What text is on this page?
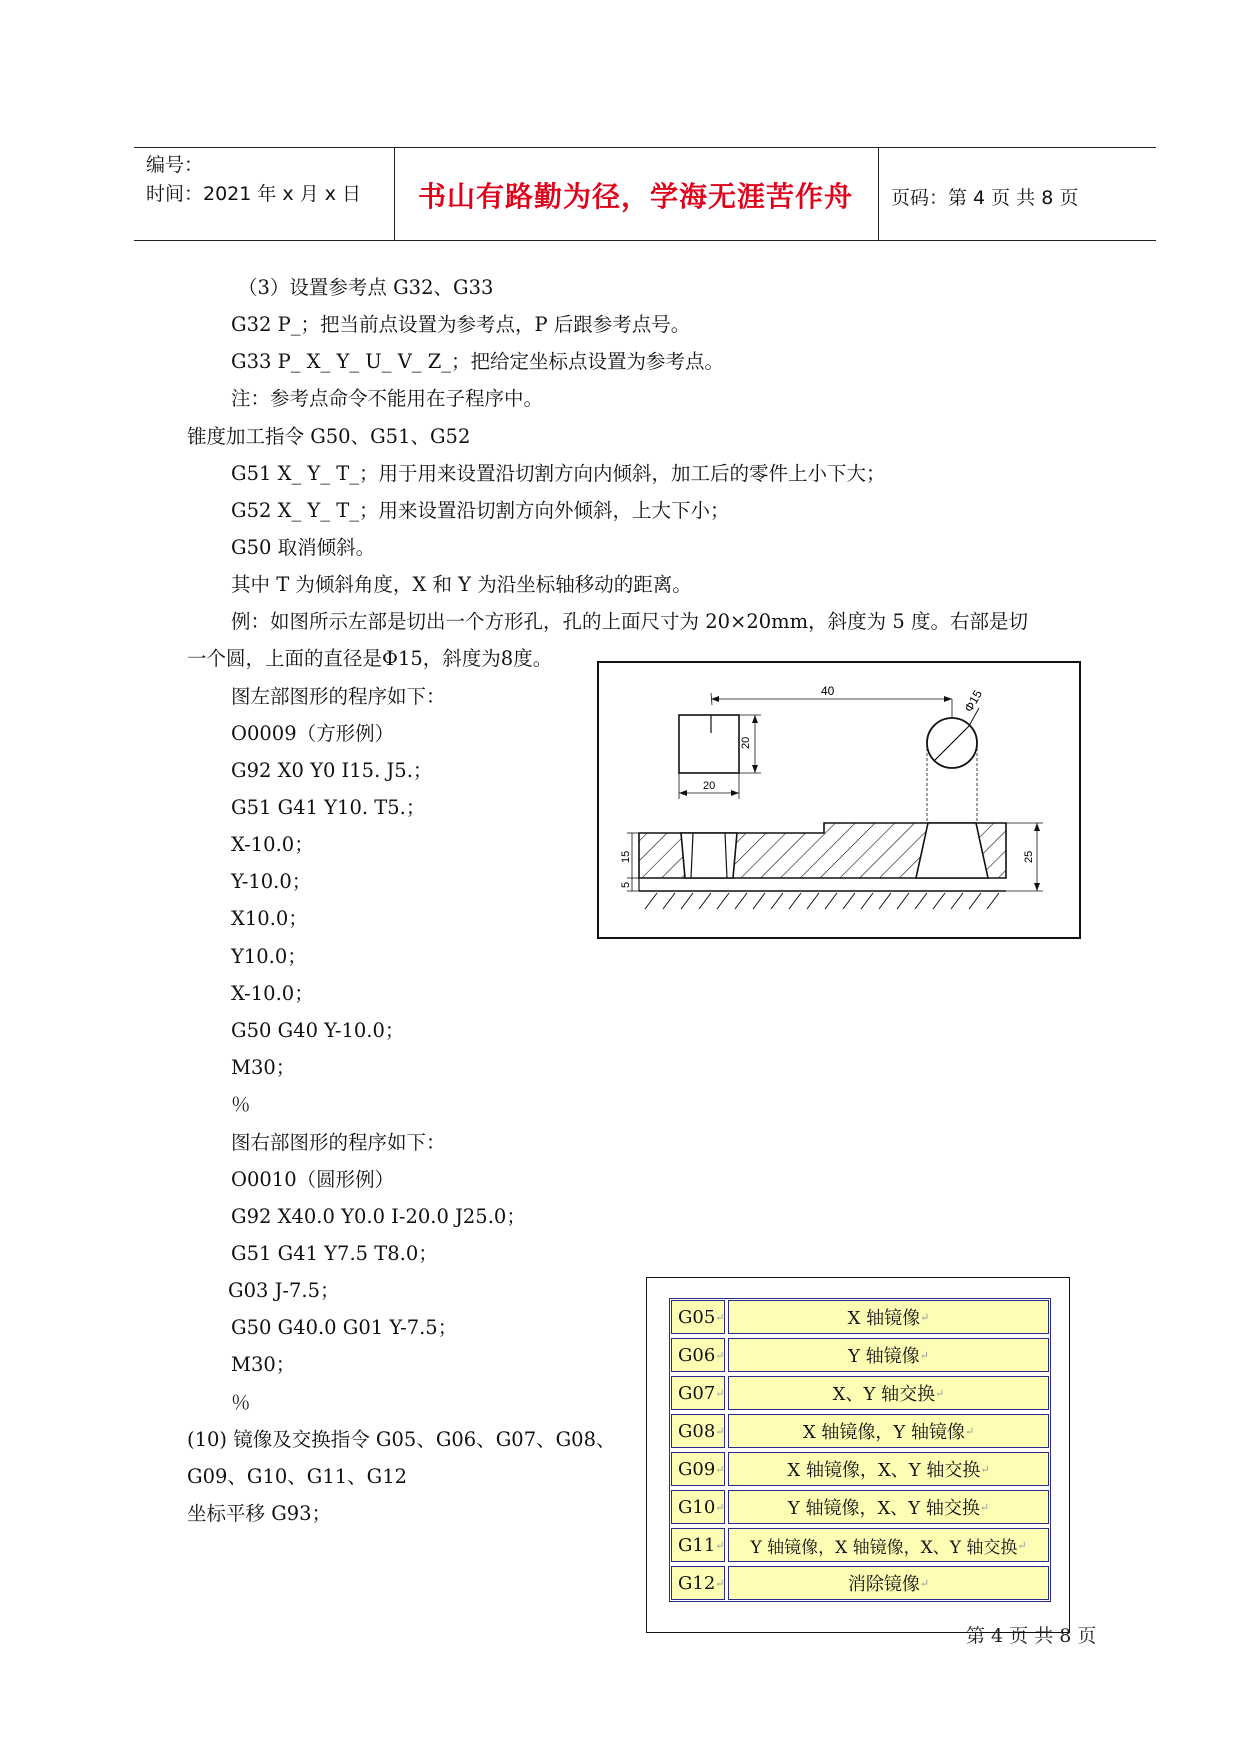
编号：
时间：2021 年 x 月 x 日 书山有路勤为径，学海无涯苦作舟 页码：第 4 页 共 8 页
（3）设置参考点 G32、G33
G32 P_；把当前点设置为参考点，P 后跟参考点号。
G33 P_ X_ Y_ U_ V_ Z_；把给定坐标点设置为参考点。
注：参考点命令不能用在子程序中。
锥度加工指令 G50、G51、G52
G51 X_ Y_ T_；用于用来设置沿切割方向内倾斜，加工后的零件上小下大；
G52 X_ Y_ T_；用来设置沿切割方向外倾斜，上大下小；
G50 取消倾斜。
其中 T 为倾斜角度，X 和 Y 为沿坐标轴移动的距离。
例：如图所示左部是切出一个方形孔，孔的上面尺寸为 20×20mm，斜度为 5 度。右部是切
一个圆，上面的直径是Φ15，斜度为8度。
图左部图形的程序如下：
O0009（方形例）
G92 X0 Y0 I15. J5.；
G51 G41 Y10. T5.；
X-10.0；
Y-10.0；
X10.0；
Y10.0；
X-10.0；
G50 G40 Y-10.0；
M30；
％
图右部图形的程序如下：
O0010（圆形例）
G92 X40.0 Y0.0 I-20.0 J25.0；
G51 G41 Y7.5 T8.0；
G03 J-7.5；
G50 G40.0 G01 Y-7.5；
M30；
％
(10) 镜像及交换指令 G05、G06、G07、G08、
G09、G10、G11、G12
坐标平移 G93；
40	Φ15
20
20
15
5
25
G05 ↵	X 轴镜像 ↵
G06 ↵	Y 轴镜像 ↵
G07 ↵	X、Y 轴交换 ↵
G08 ↵	X 轴镜像，Y 轴镜像 ↵
G09 ↵	X 轴镜像，X、Y 轴交换 ↵
G10 ↵	Y 轴镜像，X、Y 轴交换 ↵
G11 ↵ Y 轴镜像，X 轴镜像，X、Y 轴交换 ↵
G12 ↵	消除镜像 ↵
第 4 页 共 8 页
